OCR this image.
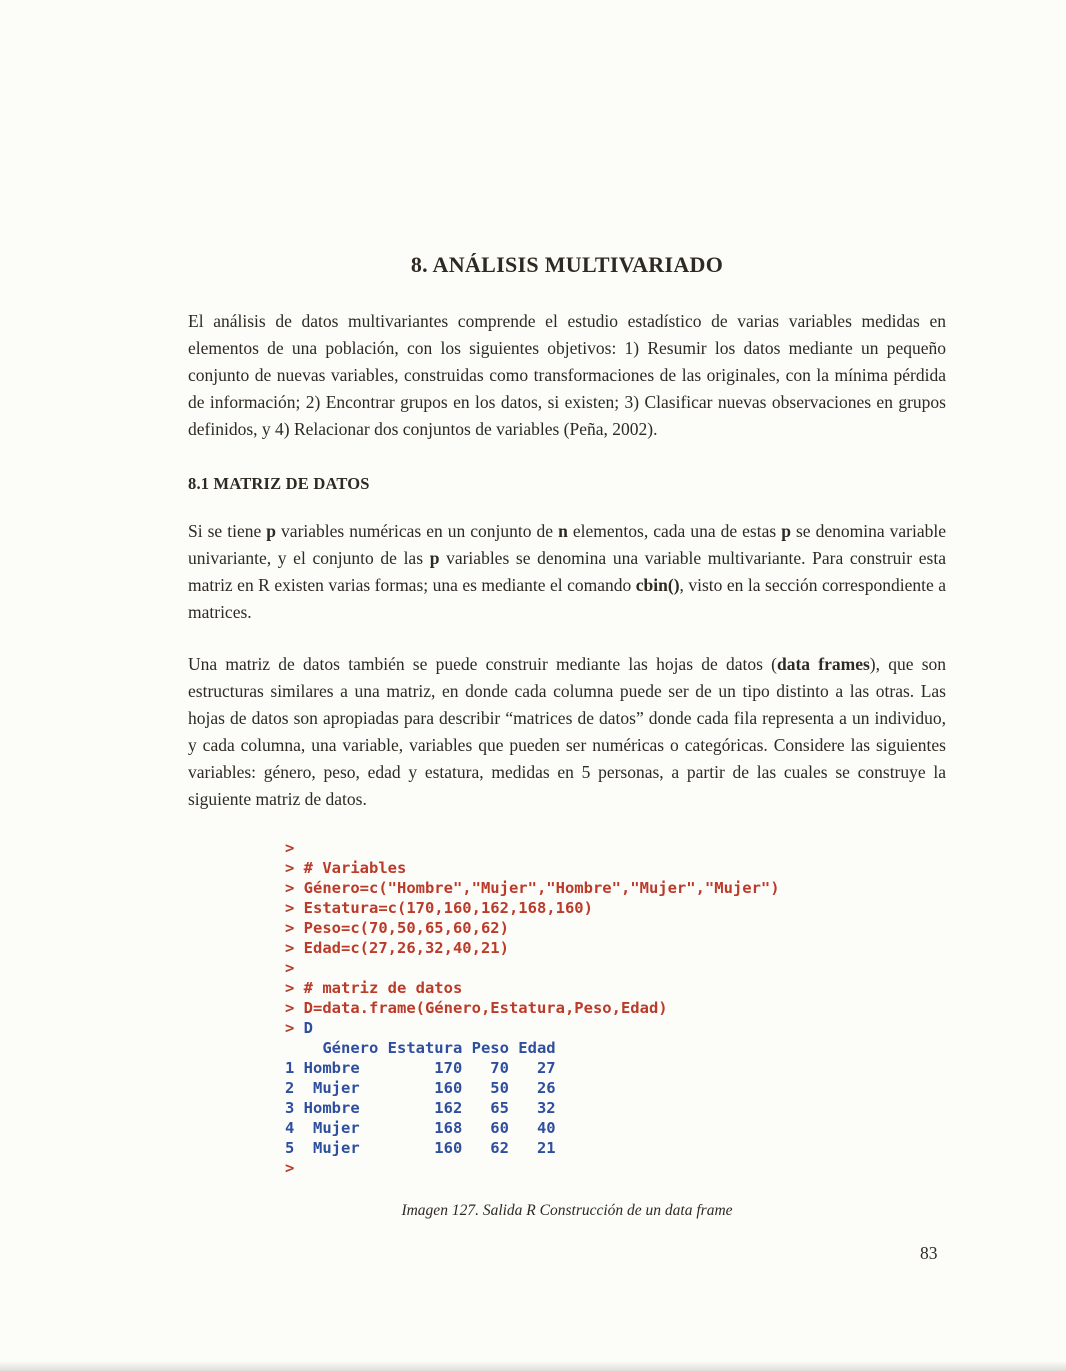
8. ANÁLISIS MULTIVARIADO

El análisis de datos multivariantes comprende el estudio estadístico de varias variables medidas en elementos de una población, con los siguientes objetivos: 1) Resumir los datos mediante un pequeño conjunto de nuevas variables, construidas como transformaciones de las originales, con la mínima pérdida de información; 2) Encontrar grupos en los datos, si existen; 3) Clasificar nuevas observaciones en grupos definidos, y 4) Relacionar dos conjuntos de variables (Peña, 2002).

8.1 MATRIZ DE DATOS

Si se tiene p variables numéricas en un conjunto de n elementos, cada una de estas p se denomina variable univariante, y el conjunto de las p variables se denomina una variable multivariante. Para construir esta matriz en R existen varias formas; una es mediante el comando cbin(), visto en la sección correspondiente a matrices.

Una matriz de datos también se puede construir mediante las hojas de datos (data frames), que son estructuras similares a una matriz, en donde cada columna puede ser de un tipo distinto a las otras. Las hojas de datos son apropiadas para describir “matrices de datos” donde cada fila representa a un individuo, y cada columna, una variable, variables que pueden ser numéricas o categóricas. Considere las siguientes variables: género, peso, edad y estatura, medidas en 5 personas, a partir de las cuales se construye la siguiente matriz de datos.

>
> # Variables
> Género=c("Hombre","Mujer","Hombre","Mujer","Mujer")
> Estatura=c(170,160,162,168,160)
> Peso=c(70,50,65,60,62)
> Edad=c(27,26,32,40,21)
>
> # matriz de datos
> D=data.frame(Género,Estatura,Peso,Edad)
> D
Género Estatura Peso Edad
1 Hombre        170   70   27
2  Mujer        160   50   26
3 Hombre        162   65   32
4  Mujer        168   60   40
5  Mujer        160   62   21
>
Imagen 127. Salida R Construcción de un data frame
83
